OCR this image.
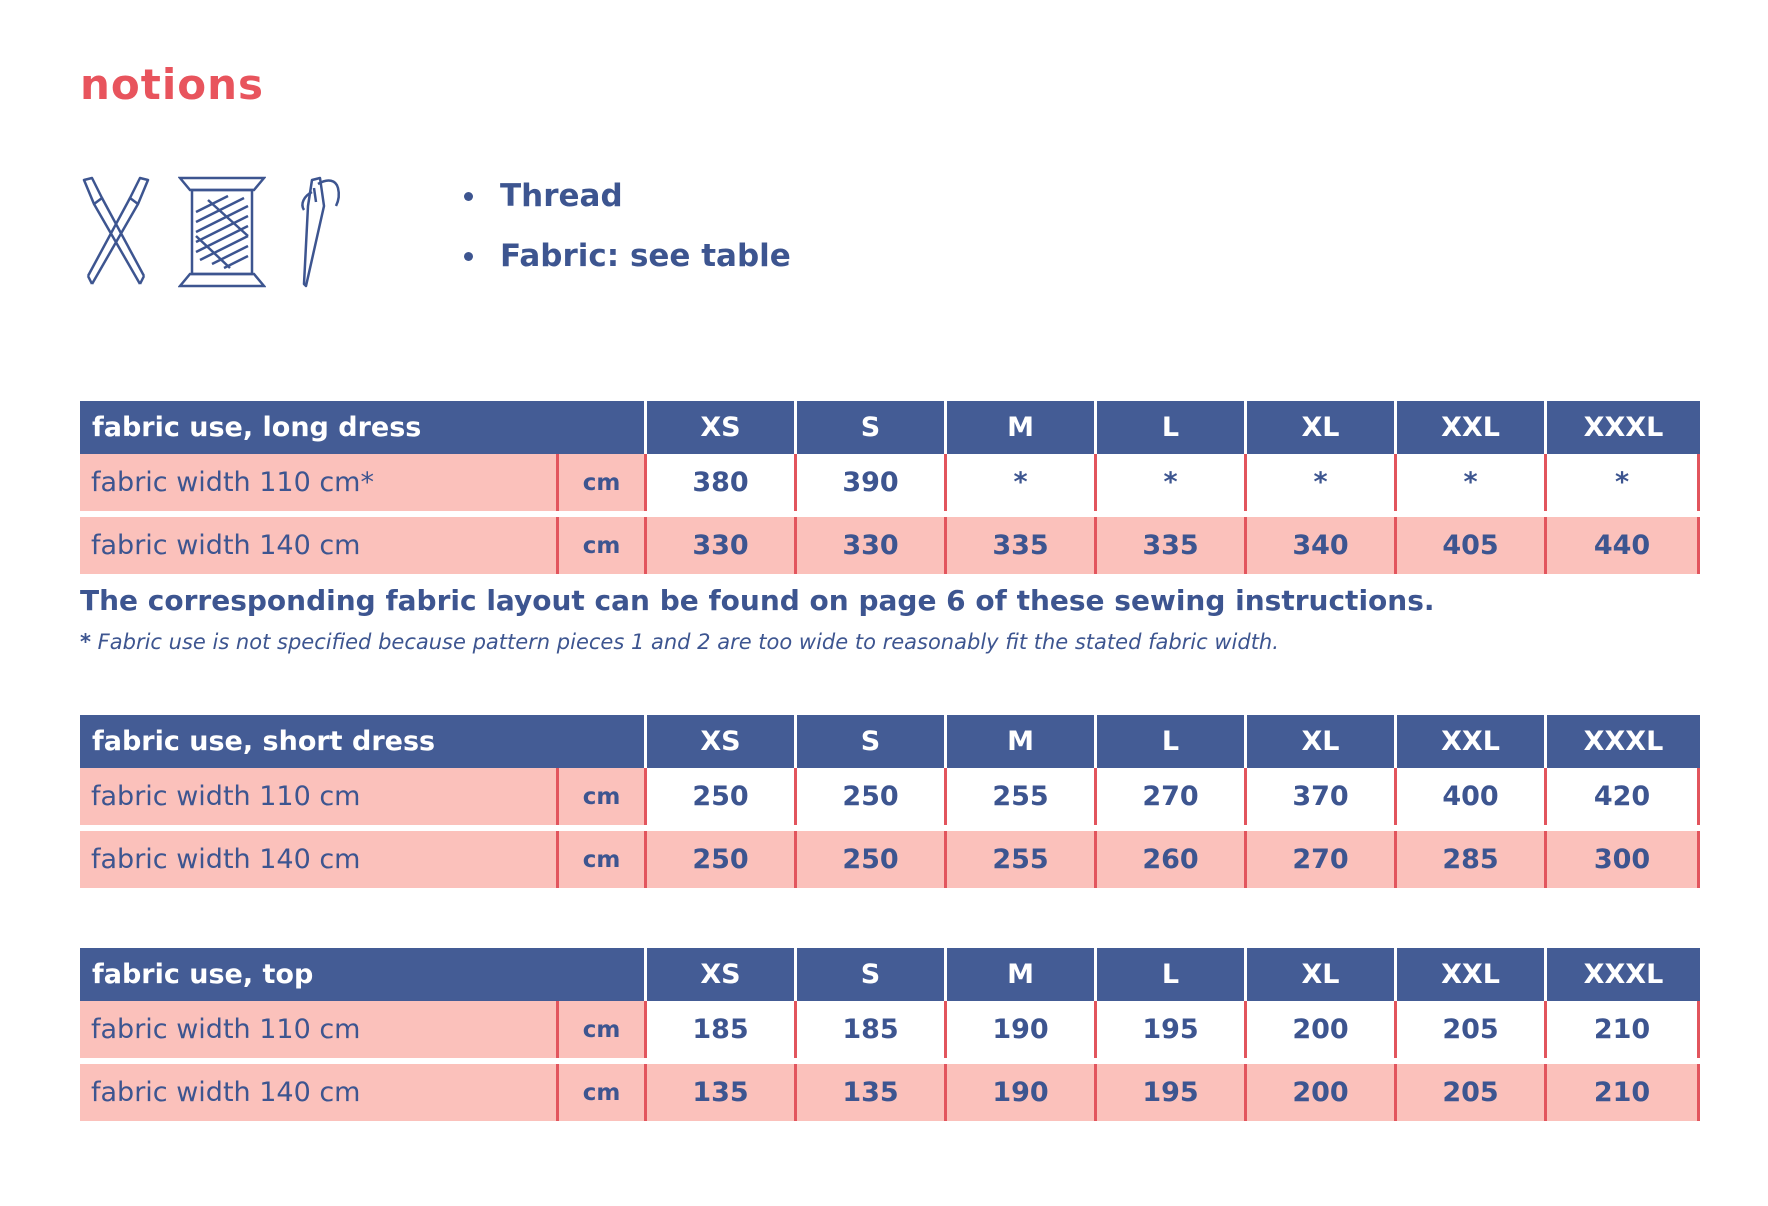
notions
Thread
Fabric: see table
fabric use, long dress	XS	S	M	L	XL	XXL	XXXL
fabric width 110 cm*	cm	380	390	*	*	*	*	*
fabric width 140 cm	cm	330	330	335	335	340	405	440
fabric use, short dress	XS	S	M	L	XL	XXL	XXXL
fabric width 110 cm	cm	250	250	255	270	370	400	420
fabric width 140 cm	cm	250	250	255	260	270	285	300
fabric use, top	XS	S	M	L	XL	XXL	XXXL
fabric width 110 cm	cm	185	185	190	195	200	205	210
fabric width 140 cm	cm	135	135	190	195	200	205	210

The corresponding fabric layout can be found on page 6 of these sewing instructions.

* Fabric use is not specified because pattern pieces 1 and 2 are too wide to reasonably fit the stated fabric width.
